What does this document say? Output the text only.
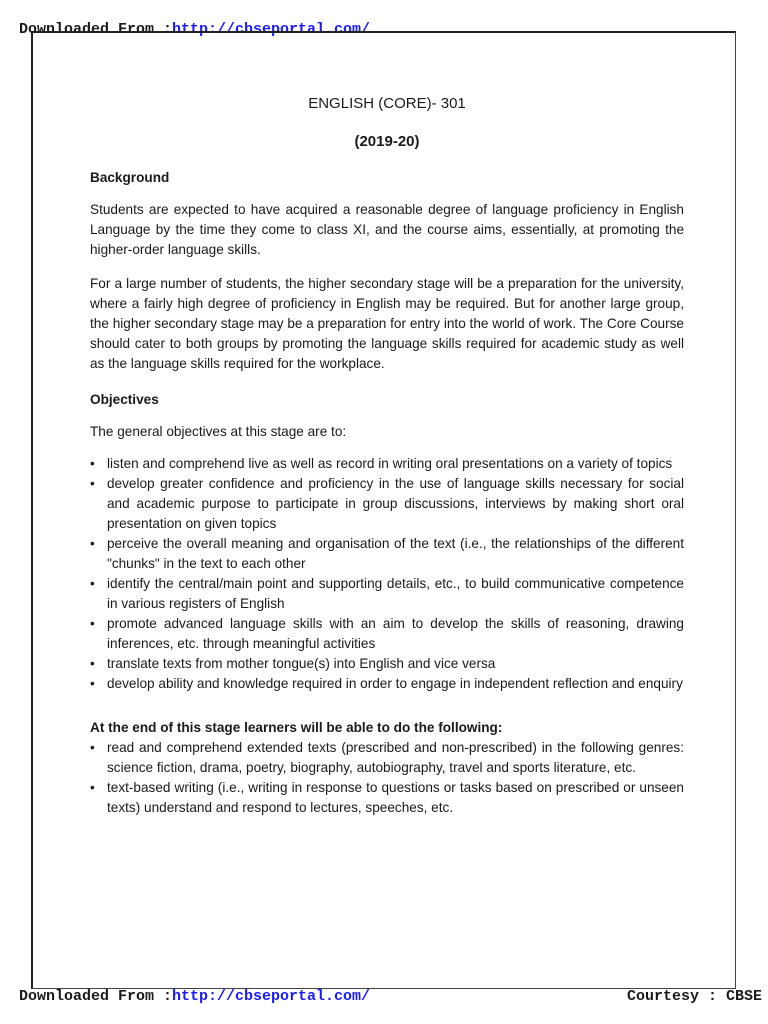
Downloaded From :http://cbseportal.com/
ENGLISH (CORE)- 301
(2019-20)
Background

Students are expected to have acquired a reasonable degree of language proficiency in English Language by the time they come to class XI, and the course aims, essentially, at promoting the higher-order language skills.

For a large number of students, the higher secondary stage will be a preparation for the university, where a fairly high degree of proficiency in English may be required. But for another large group, the higher secondary stage may be a preparation for entry into the world of work. The Core Course should cater to both groups by promoting the language skills required for academic study as well as the language skills required for the workplace.

Objectives

The general objectives at this stage are to:

• listen and comprehend live as well as record in writing oral presentations on a variety of topics
• develop greater confidence and proficiency in the use of language skills necessary for social and academic purpose to participate in group discussions, interviews by making short oral presentation on given topics
• perceive the overall meaning and organisation of the text (i.e., the relationships of the different "chunks" in the text to each other
• identify the central/main point and supporting details, etc., to build communicative competence in various registers of English
• promote advanced language skills with an aim to develop the skills of reasoning, drawing inferences, etc. through meaningful activities
• translate texts from mother tongue(s) into English and vice versa
• develop ability and knowledge required in order to engage in independent reflection and enquiry
At the end of this stage learners will be able to do the following:
• read and comprehend extended texts (prescribed and non-prescribed) in the following genres: science fiction, drama, poetry, biography, autobiography, travel and sports literature, etc.
• text-based writing (i.e., writing in response to questions or tasks based on prescribed or unseen texts) understand and respond to lectures, speeches, etc.
Downloaded From :http://cbseportal.com/	Courtesy : CBSE
